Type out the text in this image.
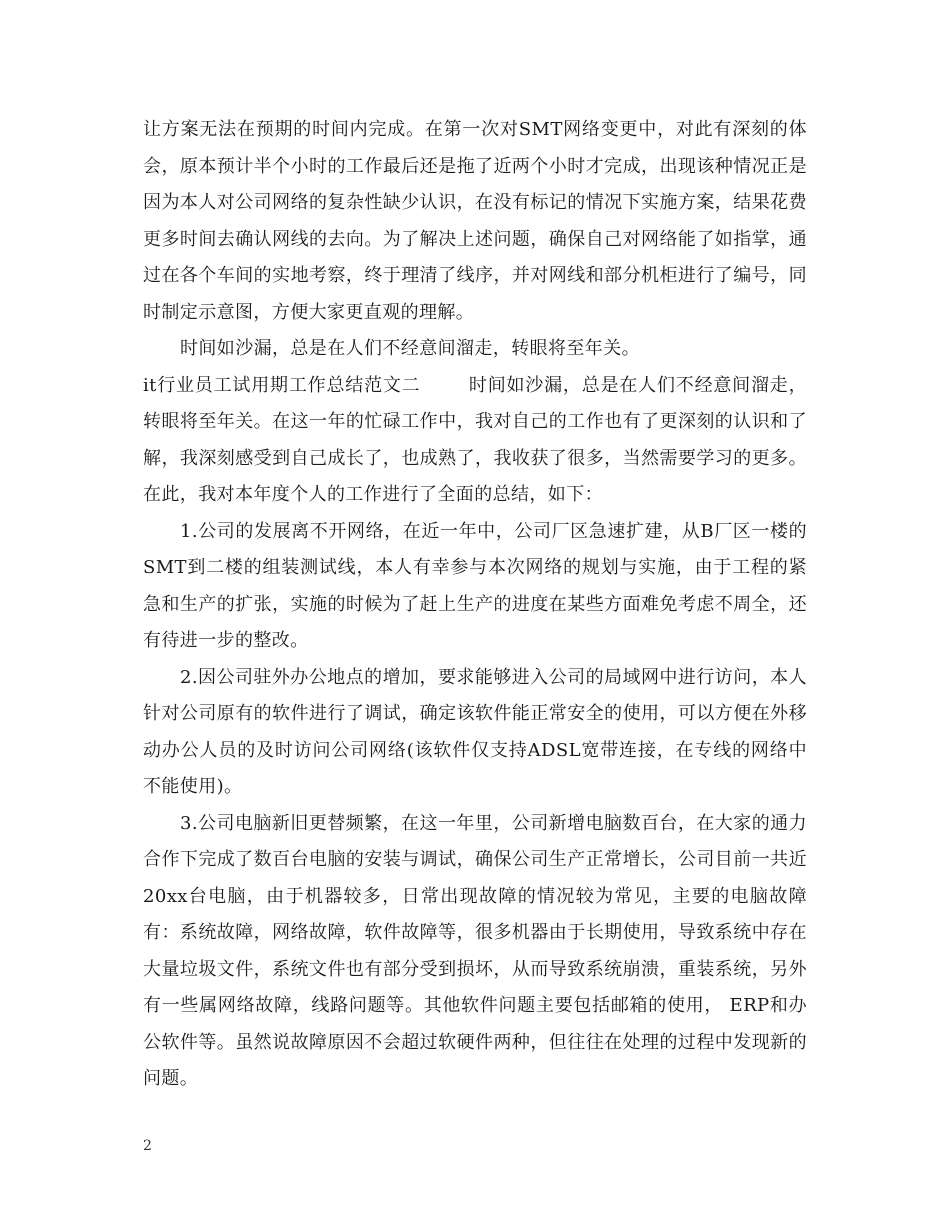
让方案无法在预期的时间内完成。在第一次对SMT网络变更中，对此有深刻的体会，原本预计半个小时的工作最后还是拖了近两个小时才完成，出现该种情况正是因为本人对公司网络的复杂性缺少认识，在没有标记的情况下实施方案，结果花费更多时间去确认网线的去向。为了解决上述问题，确保自己对网络能了如指掌，通过在各个车间的实地考察，终于理清了线序，并对网线和部分机柜进行了编号，同时制定示意图，方便大家更直观的理解。

时间如沙漏，总是在人们不经意间溜走，转眼将至年关。

it行业员工试用期工作总结范文二	时间如沙漏，总是在人们不经意间溜走，转眼将至年关。在这一年的忙碌工作中，我对自己的工作也有了更深刻的认识和了解，我深刻感受到自己成长了，也成熟了，我收获了很多，当然需要学习的更多。在此，我对本年度个人的工作进行了全面的总结，如下：

1.公司的发展离不开网络，在近一年中，公司厂区急速扩建，从B厂区一楼的SMT到二楼的组装测试线，本人有幸参与本次网络的规划与实施，由于工程的紧急和生产的扩张，实施的时候为了赶上生产的进度在某些方面难免考虑不周全，还有待进一步的整改。

2.因公司驻外办公地点的增加，要求能够进入公司的局域网中进行访问，本人针对公司原有的软件进行了调试，确定该软件能正常安全的使用，可以方便在外移动办公人员的及时访问公司网络(该软件仅支持ADSL宽带连接，在专线的网络中不能使用)。

3.公司电脑新旧更替频繁，在这一年里，公司新增电脑数百台，在大家的通力合作下完成了数百台电脑的安装与调试，确保公司生产正常增长，公司目前一共近20xx台电脑，由于机器较多，日常出现故障的情况较为常见，主要的电脑故障有：系统故障，网络故障，软件故障等，很多机器由于长期使用，导致系统中存在大量垃圾文件，系统文件也有部分受到损坏，从而导致系统崩溃，重装系统，另外有一些属网络故障，线路问题等。其他软件问题主要包括邮箱的使用， ERP和办公软件等。虽然说故障原因不会超过软硬件两种，但往往在处理的过程中发现新的问题。

2
